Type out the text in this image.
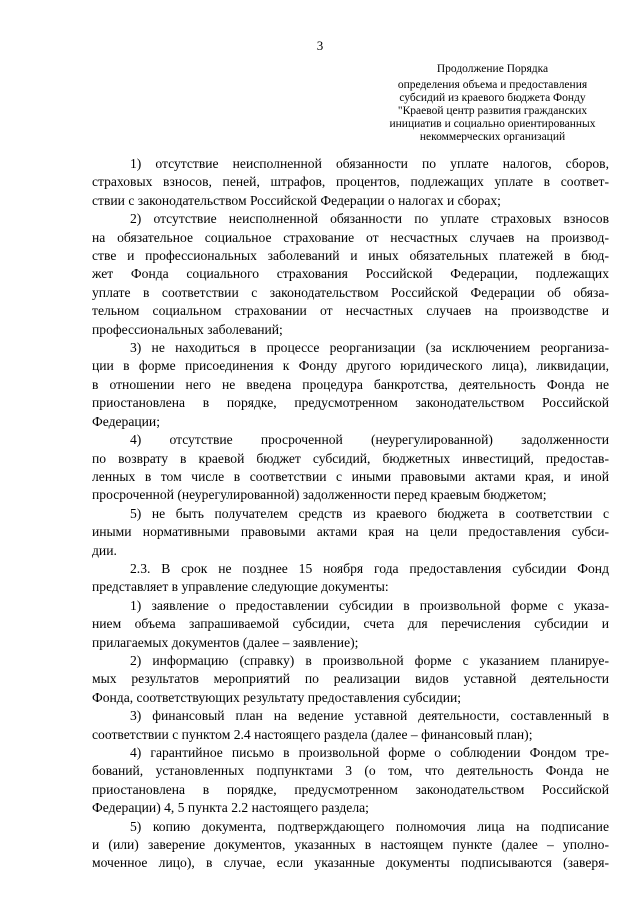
3
Продолжение Порядка
определения объема и предоставления
субсидий из краевого бюджета Фонду
"Краевой центр развития гражданских
инициатив и социально ориентированных
некоммерческих организаций
1) отсутствие неисполненной обязанности по уплате налогов, сборов,
страховых взносов, пеней, штрафов, процентов, подлежащих уплате в соответ-
ствии с законодательством Российской Федерации о налогах и сборах;
2) отсутствие неисполненной обязанности по уплате страховых взносов
на обязательное социальное страхование от несчастных случаев на производ-
стве и профессиональных заболеваний и иных обязательных платежей в бюд-
жет Фонда социального страхования Российской Федерации, подлежащих
уплате в соответствии с законодательством Российской Федерации об обяза-
тельном социальном страховании от несчастных случаев на производстве и
профессиональных заболеваний;
3) не находиться в процессе реорганизации (за исключением реорганиза-
ции в форме присоединения к Фонду другого юридического лица), ликвидации,
в отношении него не введена процедура банкротства, деятельность Фонда не
приостановлена в порядке, предусмотренном законодательством Российской
Федерации;
4) отсутствие просроченной (неурегулированной) задолженности
по возврату в краевой бюджет субсидий, бюджетных инвестиций, предостав-
ленных в том числе в соответствии с иными правовыми актами края, и иной
просроченной (неурегулированной) задолженности перед краевым бюджетом;
5) не быть получателем средств из краевого бюджета в соответствии с
иными нормативными правовыми актами края на цели предоставления субси-
дии.
2.3. В срок не позднее 15 ноября года предоставления субсидии Фонд
представляет в управление следующие документы:
1) заявление о предоставлении субсидии в произвольной форме с указа-
нием объема запрашиваемой субсидии, счета для перечисления субсидии и
прилагаемых документов (далее – заявление);
2) информацию (справку) в произвольной форме с указанием планируе-
мых результатов мероприятий по реализации видов уставной деятельности
Фонда, соответствующих результату предоставления субсидии;
3) финансовый план на ведение уставной деятельности, составленный в
соответствии с пунктом 2.4 настоящего раздела (далее – финансовый план);
4) гарантийное письмо в произвольной форме о соблюдении Фондом тре-
бований, установленных подпунктами 3 (о том, что деятельность Фонда не
приостановлена в порядке, предусмотренном законодательством Российской
Федерации) 4, 5 пункта 2.2 настоящего раздела;
5) копию документа, подтверждающего полномочия лица на подписание
и (или) заверение документов, указанных в настоящем пункте (далее – уполно-
моченное лицо), в случае, если указанные документы подписываются (заверя-
